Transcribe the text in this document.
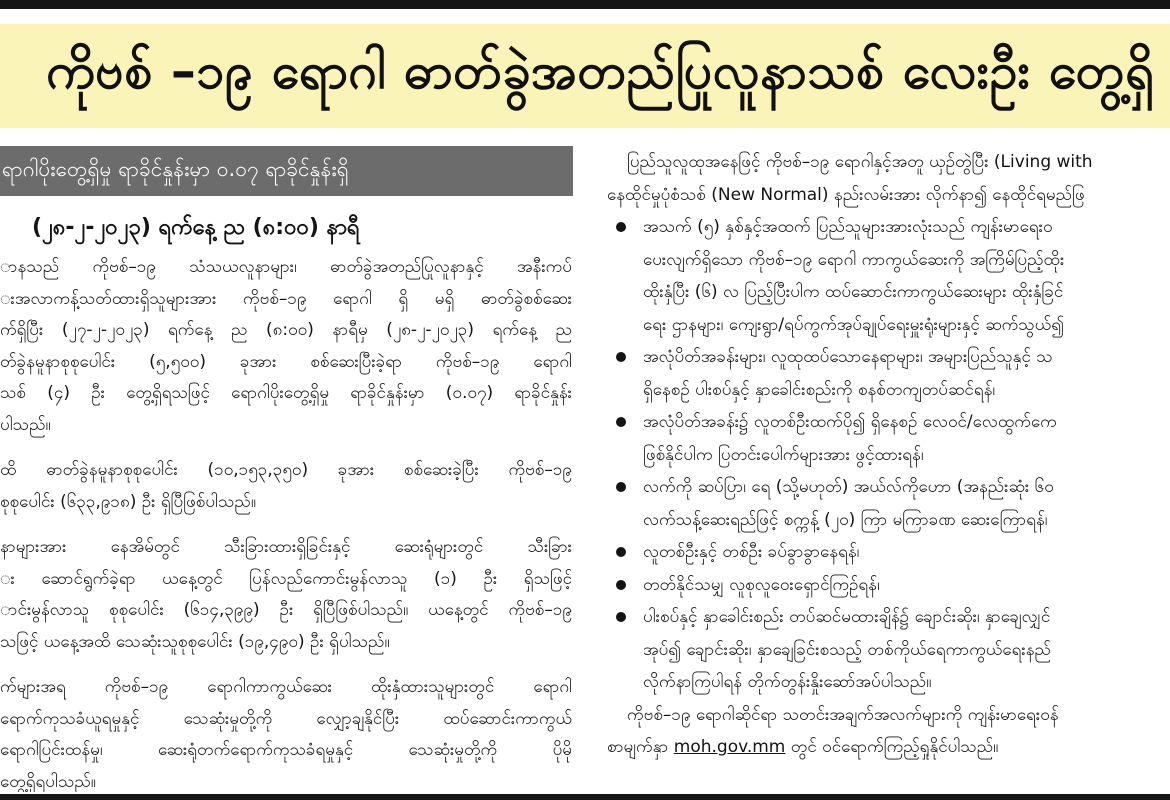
ကိုဗစ် –၁၉ ရောဂါ ဓာတ်ခွဲအတည်ပြုလူနာသစ် လေးဦး တွေ့ရှိ
ရာဂါပိုးတွေ့ရှိမှု ရာခိုင်နှုန်းမှာ ၀.၀၇ ရာခိုင်နှုန်းရှိ
(၂၈-၂-၂၀၂၃) ရက်နေ့ ည (၈:၀၀) နာရီ
ာနသည် ကိုဗစ်–၁၉ သံသယလူနာများ၊ ဓာတ်ခွဲအတည်ပြုလူနာနှင့် အနီးကပ်
းအလာကန့်သတ်ထားရှိသူများအား ကိုဗစ်–၁၉ ရောဂါ ရှိ မရှိ ဓာတ်ခွဲစစ်ဆေး
က်ရှိပြီး (၂၇-၂-၂၀၂၃) ရက်နေ့ ည (၈:၀၀) နာရီမှ (၂၈-၂-၂၀၂၃) ရက်နေ့ ည
တ်ခွဲနမူနာစုစုပေါင်း (၅,၅၀၀) ခုအား စစ်ဆေးပြီးခဲ့ရာ ကိုဗစ်–၁၉ ရောဂါ
သစ် (၄) ဦး တွေ့ရှိရသဖြင့် ရောဂါပိုးတွေ့ရှိမှု ရာခိုင်နှုန်းမှာ (၀.၀၇) ရာခိုင်နှုန်း
ပါသည်။
ထိ ဓာတ်ခွဲနမူနာစုစုပေါင်း (၁၀,၁၅၃,၃၅၀) ခုအား စစ်ဆေးခဲ့ပြီး ကိုဗစ်–၁၉
စုစုပေါင်း (၆၃၃,၉၁၈) ဦး ရှိပြီဖြစ်ပါသည်။
နာများအား နေအိမ်တွင် သီးခြားထားရှိခြင်းနှင့် ဆေးရုံများတွင် သီးခြား
း ဆောင်ရွက်ခဲ့ရာ ယနေ့တွင် ပြန်လည်ကောင်းမွန်လာသူ (၁) ဦး ရှိသဖြင့်
ာင်းမွန်လာသူ စုစုပေါင်း (၆၁၄,၃၉၉) ဦး ရှိပြီဖြစ်ပါသည်။ ယနေ့တွင် ကိုဗစ်–၁၉
သဖြင့် ယနေ့အထိ သေဆုံးသူစုစုပေါင်း (၁၉,၄၉၀) ဦး ရှိပါသည်။
က်များအရ ကိုဗစ်–၁၉ ရောဂါကာကွယ်ဆေး ထိုးနှံထားသူများတွင် ရောဂါ
ရောက်ကုသခံယူရမှုနှင့် သေဆုံးမှုတို့ကို လျှော့ချနိုင်ပြီး ထပ်ဆောင်းကာကွယ်
ရောဂါပြင်းထန်မှု၊ ဆေးရုံတက်ရောက်ကုသခံရမှုနှင့် သေဆုံးမှုတို့ကို ပိုမို
တွေ့ရှိရပါသည်။
ပြည်သူလူထုအနေဖြင့် ကိုဗစ်–၁၉ ရောဂါနှင့်အတူ ယှဉ်တွဲပြီး (Living with
နေထိုင်မှုပုံစံသစ် (New Normal) နည်းလမ်းအား လိုက်နာ၍ နေထိုင်ရမည်ဖြ
အသက် (၅) နှစ်နှင့်အထက် ပြည်သူများအားလုံးသည် ကျန်းမာရေးဝ
ပေးလျက်ရှိသော ကိုဗစ်–၁၉ ရောဂါ ကာကွယ်ဆေးကို အကြိမ်ပြည့်ထိုး
ထိုးနှံပြီး (၆) လ ပြည့်ပြီးပါက ထပ်ဆောင်းကာကွယ်ဆေးများ ထိုးနှံခြင်
ရေး ဌာနများ၊ ကျေးရွာ/ရပ်ကွက်အုပ်ချုပ်ရေးမှူးရုံးများနှင့် ဆက်သွယ်၍
အလုံပိတ်အခန်းများ၊ လူထုထပ်သောနေရာများ၊ အများပြည်သူနှင့် သ
ရှိနေစဉ် ပါးစပ်နှင့် နှာခေါင်းစည်းကို စနစ်တကျတပ်ဆင်ရန်၊
အလုံပိတ်အခန်း၌ လူတစ်ဦးထက်ပို၍ ရှိနေစဉ် လေဝင်/လေထွက်ကေ
ဖြစ်နိုင်ပါက ပြတင်းပေါက်များအား ဖွင့်ထားရန်၊
လက်ကို ဆပ်ပြာ၊ ရေ (သို့မဟုတ်) အယ်လ်ကိုဟော (အနည်းဆုံး ၆၀
လက်သန့်ဆေးရည်ဖြင့် စက္ကန့် (၂၀) ကြာ မကြာခဏ ဆေးကြောရန်၊
လူတစ်ဦးနှင့် တစ်ဦး ခပ်ခွာခွာနေရန်၊
တတ်နိုင်သမျှ လူစုလူဝေးရှောင်ကြဉ်ရန်၊
ပါးစပ်နှင့် နှာခေါင်းစည်း တပ်ဆင်မထားချိန်၌ ချောင်းဆိုး၊ နှာချေလျှင်
အုပ်၍ ချောင်းဆိုး၊ နှာချေခြင်းစသည့် တစ်ကိုယ်ရေကာကွယ်ရေးနည်
လိုက်နာကြပါရန် တိုက်တွန်းနှိုးဆော်အပ်ပါသည်။
ကိုဗစ်–၁၉ ရောဂါဆိုင်ရာ သတင်းအချက်အလက်များကို ကျန်းမာရေးဝန်
စာမျက်နှာ moh.gov.mm တွင် ဝင်ရောက်ကြည့်ရှုနိုင်ပါသည်။
